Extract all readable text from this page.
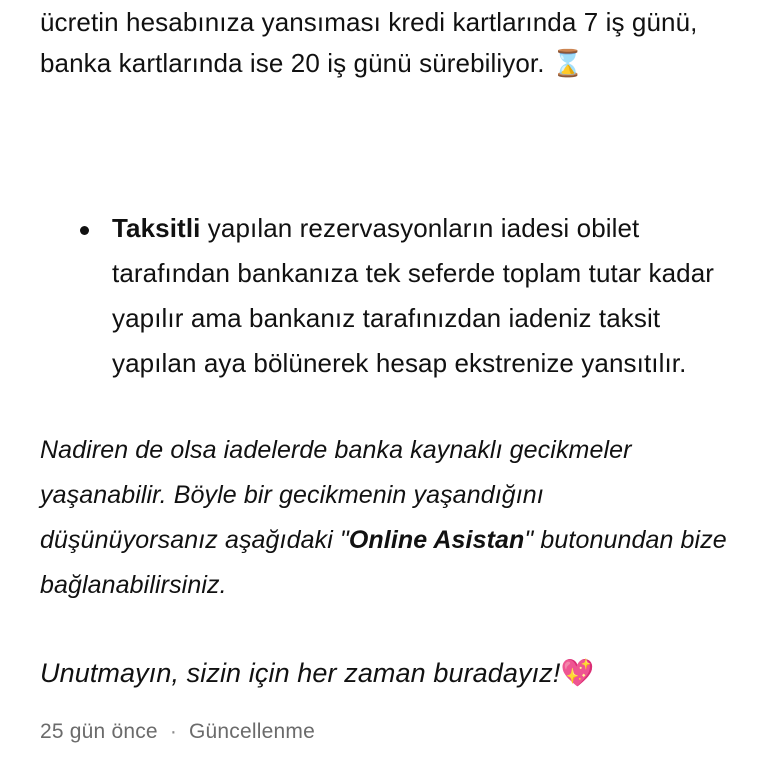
ücretin hesabınıza yansıması kredi kartlarında 7 iş günü, banka kartlarında ise 20 iş günü sürebiliyor. ⌛

Taksitli yapılan rezervasyonların iadesi obilet tarafından bankanıza tek seferde toplam tutar kadar yapılır ama bankanız tarafınızdan iadeniz taksit yapılan aya bölünerek hesap ekstrenize yansıtılır.

Nadiren de olsa iadelerde banka kaynaklı gecikmeler yaşanabilir. Böyle bir gecikmenin yaşandığını düşünüyorsanız aşağıdaki "Online Asistan" butonundan bize bağlanabilirsiniz.

Unutmayın, sizin için her zaman buradayız!💖

25 gün önce · Güncellenme
